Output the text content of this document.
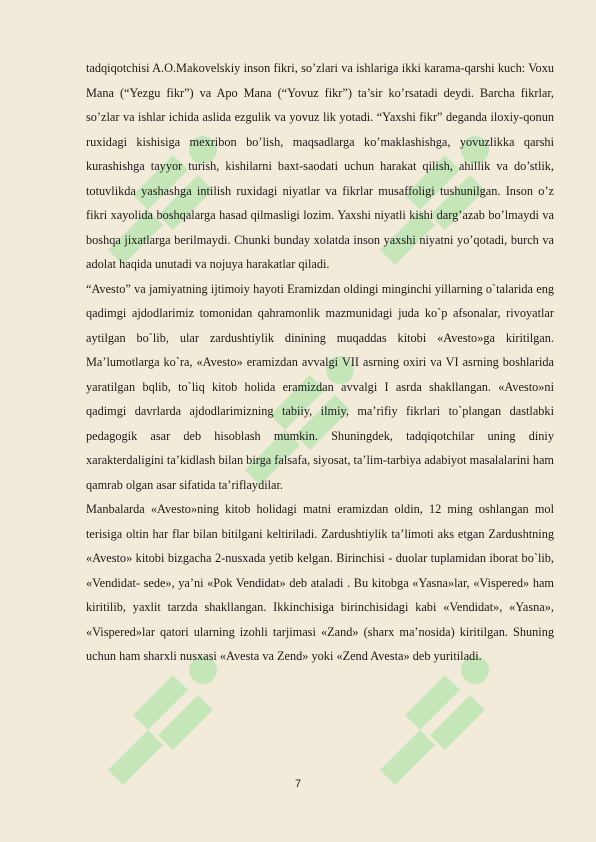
tadqiqotchisi A.O.Makovelskiy inson fikri, so’zlari va ishlariga ikki karama-qarshi kuch: Voxu Mana (“Yezgu fikr”) va Apo Mana (“Yovuz fikr”) ta’sir ko’rsatadi deydi. Barcha fikrlar, so’zlar va ishlar ichida aslida ezgulik va yovuz lik yotadi. “Yaxshi fikr” deganda iloxiy-qonun ruxidagi kishisiga mexribon bo’lish, maqsadlarga ko’maklashishga, yovuzlikka qarshi kurashishga tayyor turish, kishilarni baxt-saodati uchun harakat qilish, ahillik va do’stlik, totuvlikda yashashga intilish ruxidagi niyatlar va fikrlar musaffoligi tushunilgan. Inson o’z fikri xayolida boshqalarga hasad qilmasligi lozim. Yaxshi niyatli kishi darg’azab bo’lmaydi va boshqa jixatlarga berilmaydi. Chunki bunday xolatda inson yaxshi niyatni yo’qotadi, burch va adolat haqida unutadi va nojuya harakatlar qiladi.

“Avesto” va jamiyatning ijtimoiy hayoti Eramizdan oldingi minginchi yillarning o`talarida eng qadimgi ajdodlarimiz tomonidan qahramonlik mazmunidagi juda ko`p afsonalar, rivoyatlar aytilgan bo`lib, ular zardushtiylik dinining muqaddas kitobi «Avesto»ga kiritilgan. Ma’lumotlarga ko`ra, «Avesto» eramizdan avvalgi VII asrning oxiri va VI asrning boshlarida yaratilgan bqlib, to`liq kitob holida eramizdan avvalgi I asrda shakllangan. «Avesto»ni qadimgi davrlarda ajdodlarimizning tabiiy, ilmiy, ma’rifiy fikrlari to`plangan dastlabki pedagogik asar deb hisoblash mumkin. Shuningdek, tadqiqotchilar uning diniy xarakterdaligini ta’kidlash bilan birga falsafa, siyosat, ta’lim-tarbiya adabiyot masalalarini ham qamrab olgan asar sifatida ta’riflaydilar.

Manbalarda «Avesto»ning kitob holidagi matni eramizdan oldin, 12 ming oshlangan mol terisiga oltin har flar bilan bitilgani keltiriladi. Zardushtiylik ta’limoti aks etgan Zardushtning «Avesto» kitobi bizgacha 2-nusxada yetib kelgan. Birinchisi - duolar tuplamidan iborat bo`lib, «Vendidat- sede», ya’ni «Pok Vendidat» deb ataladi . Bu kitobga «Yasna»lar, «Vispered» ham kiritilib, yaxlit tarzda shakllangan. Ikkinchisiga birinchisidagi kabi «Vendidat», «Yasna», «Vispered»lar qatori ularning izohli tarjimasi «Zand» (sharx ma’nosida) kiritilgan. Shuning uchun ham sharxli nusxasi «Avesta va Zend» yoki «Zend Avesta» deb yuritiladi.

7
